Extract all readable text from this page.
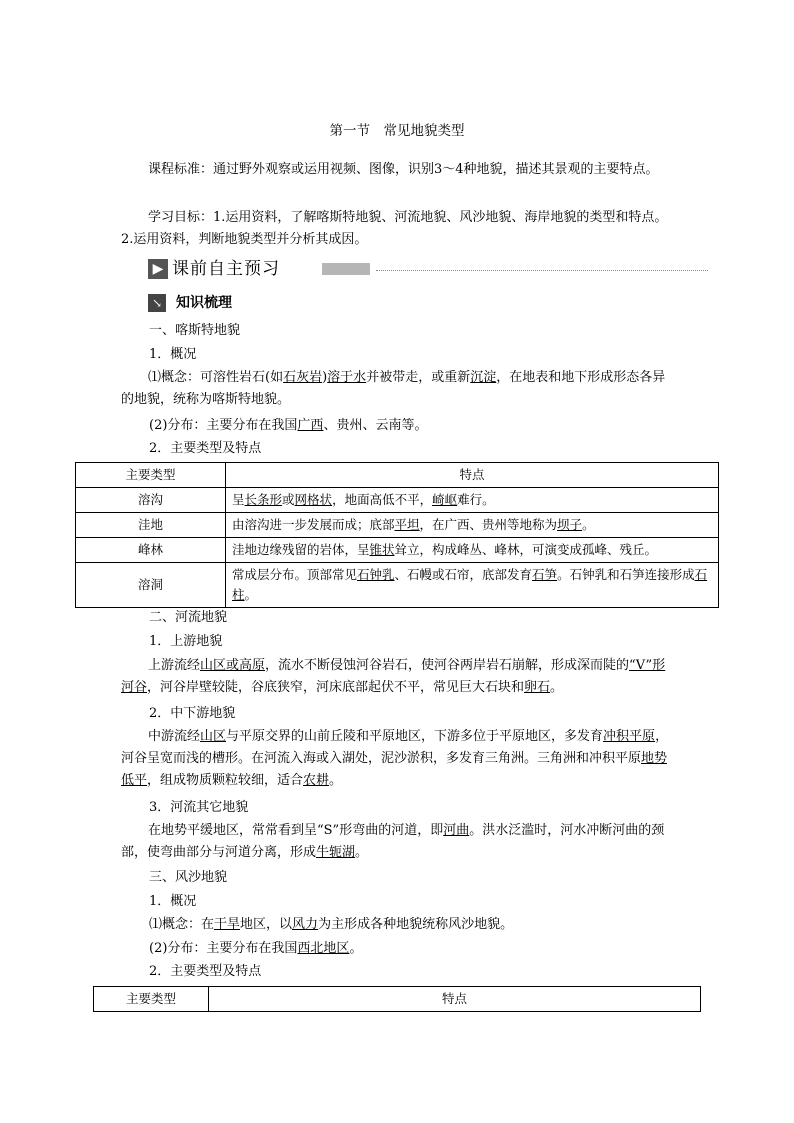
第一节　常见地貌类型

课程标准：通过野外观察或运用视频、图像，识别3～4种地貌，描述其景观的主要特点。

学习目标：1.运用资料，了解喀斯特地貌、河流地貌、风沙地貌、海岸地貌的类型和特点。2.运用资料，判断地貌类型并分析其成因。

▶ 课前自主预习
↘ 知识梳理
一、喀斯特地貌
1．概况

⑴概念：可溶性岩石(如石灰岩)溶于水并被带走，或重新沉淀，在地表和地下形成形态各异的地貌，统称为喀斯特地貌。

(2)分布：主要分布在我国广西、贵州、云南等。
2．主要类型及特点
主要类型	特点
溶沟	呈长条形或网格状，地面高低不平，崎岖难行。
洼地	由溶沟进一步发展而成；底部平坦，在广西、贵州等地称为坝子。
峰林	洼地边缘残留的岩体，呈锥状耸立，构成峰丛、峰林，可演变成孤峰、残丘。
溶洞	常成层分布。顶部常见石钟乳、石幔或石帘，底部发育石笋。石钟乳和石笋连接形成石柱。
二、河流地貌
1．上游地貌

上游流经山区或高原，流水不断侵蚀河谷岩石，使河谷两岸岩石崩解，形成深而陡的“V”形河谷，河谷岸壁较陡，谷底狭窄，河床底部起伏不平，常见巨大石块和卵石。

2．中下游地貌

中游流经山区与平原交界的山前丘陵和平原地区，下游多位于平原地区，多发育冲积平原，河谷呈宽而浅的槽形。在河流入海或入湖处，泥沙淤积，多发育三角洲。三角洲和冲积平原地势低平，组成物质颗粒较细，适合农耕。

3．河流其它地貌

在地势平缓地区，常常看到呈“S”形弯曲的河道，即河曲。洪水泛滥时，河水冲断河曲的颈部，使弯曲部分与河道分离，形成牛轭湖。

三、风沙地貌
1．概况
⑴概念：在干旱地区，以风力为主形成各种地貌统称风沙地貌。
(2)分布：主要分布在我国西北地区。
2．主要类型及特点
主要类型	特点
